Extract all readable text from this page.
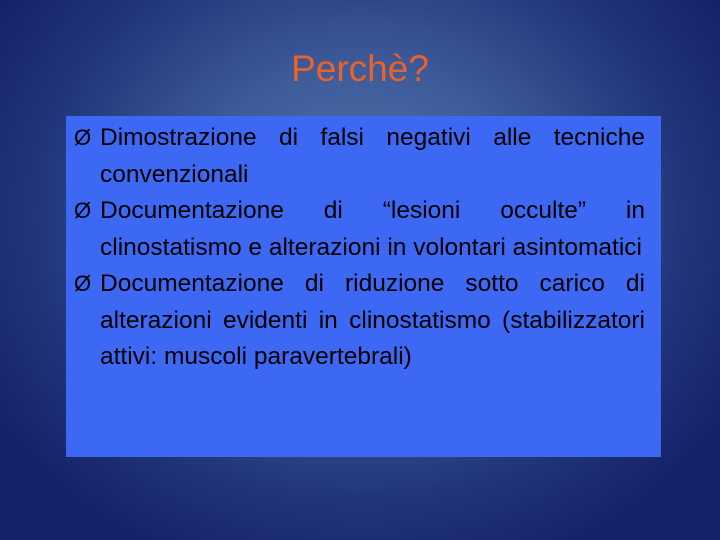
Perchè?
Ø Dimostrazione di falsi negativi alle tecniche convenzionali
Ø Documentazione di “lesioni occulte” in clinostatismo e alterazioni in volontari asintomatici
Ø Documentazione di riduzione sotto carico di alterazioni evidenti in clinostatismo (stabilizzatori attivi: muscoli paravertebrali)
